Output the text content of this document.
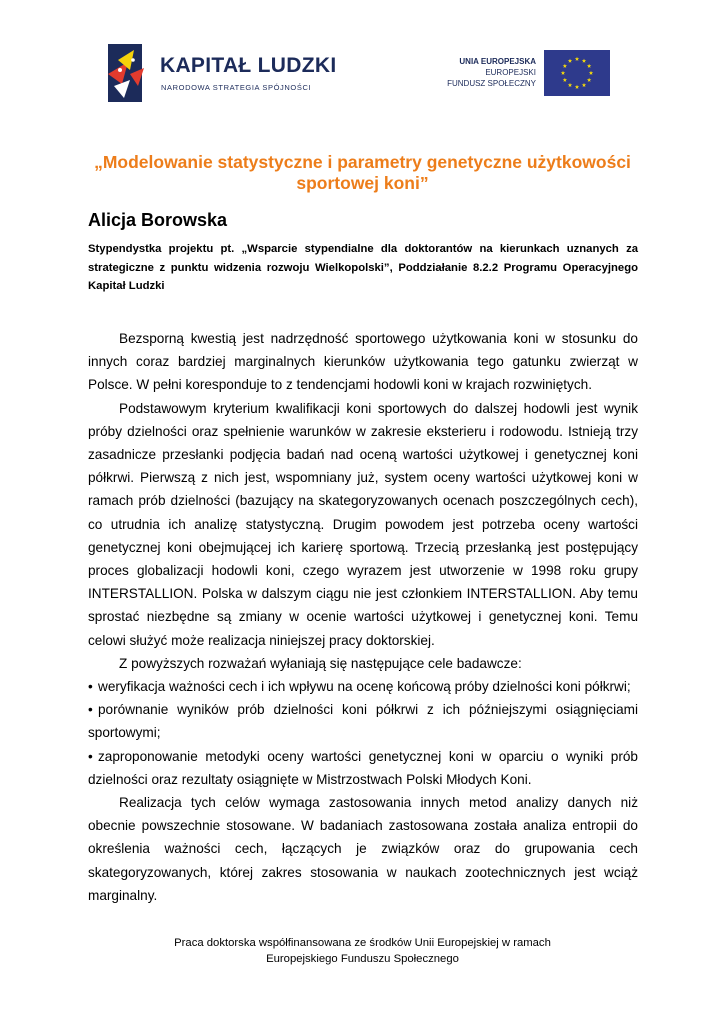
KAPITAŁ LUDZKI
NARODOWA STRATEGIA SPÓJNOŚCI
UNIA EUROPEJSKA
EUROPEJSKI
FUNDUSZ SPOŁECZNY
„Modelowanie statystyczne i parametry genetyczne użytkowości
sportowej koni”
Alicja Borowska
Stypendystka projektu pt. „Wsparcie stypendialne dla doktorantów na kierunkach uznanych za strategiczne z punktu widzenia rozwoju Wielkopolski”, Poddziałanie 8.2.2 Programu Operacyjnego Kapitał Ludzki

Bezsporną kwestią jest nadrzędność sportowego użytkowania koni w stosunku do innych coraz bardziej marginalnych kierunków użytkowania tego gatunku zwierząt w Polsce. W pełni koresponduje to z tendencjami hodowli koni w krajach rozwiniętych.

Podstawowym kryterium kwalifikacji koni sportowych do dalszej hodowli jest wynik próby dzielności oraz spełnienie warunków w zakresie eksterieru i rodowodu. Istnieją trzy zasadnicze przesłanki podjęcia badań nad oceną wartości użytkowej i genetycznej koni półkrwi. Pierwszą z nich jest, wspomniany już, system oceny wartości użytkowej koni w ramach prób dzielności (bazujący na skategoryzowanych ocenach poszczególnych cech), co utrudnia ich analizę statystyczną. Drugim powodem jest potrzeba oceny wartości genetycznej koni obejmującej ich karierę sportową. Trzecią przesłanką jest postępujący proces globalizacji hodowli koni, czego wyrazem jest utworzenie w 1998 roku grupy INTERSTALLION. Polska w dalszym ciągu nie jest członkiem INTERSTALLION. Aby temu sprostać niezbędne są zmiany w ocenie wartości użytkowej i genetycznej koni. Temu celowi służyć może realizacja niniejszej pracy doktorskiej.

Z powyższych rozważań wyłaniają się następujące cele badawcze:

• weryfikacja ważności cech i ich wpływu na ocenę końcową próby dzielności koni półkrwi;
• porównanie wyników prób dzielności koni półkrwi z ich późniejszymi osiągnięciami sportowymi;
• zaproponowanie metodyki oceny wartości genetycznej koni w oparciu o wyniki prób dzielności oraz rezultaty osiągnięte w Mistrzostwach Polski Młodych Koni.

Realizacja tych celów wymaga zastosowania innych metod analizy danych niż obecnie powszechnie stosowane. W badaniach zastosowana została analiza entropii do określenia ważności cech, łączących je związków oraz do grupowania cech skategoryzowanych, której zakres stosowania w naukach zootechnicznych jest wciąż marginalny.

Praca doktorska współfinansowana ze środków Unii Europejskiej w ramach
Europejskiego Funduszu Społecznego
